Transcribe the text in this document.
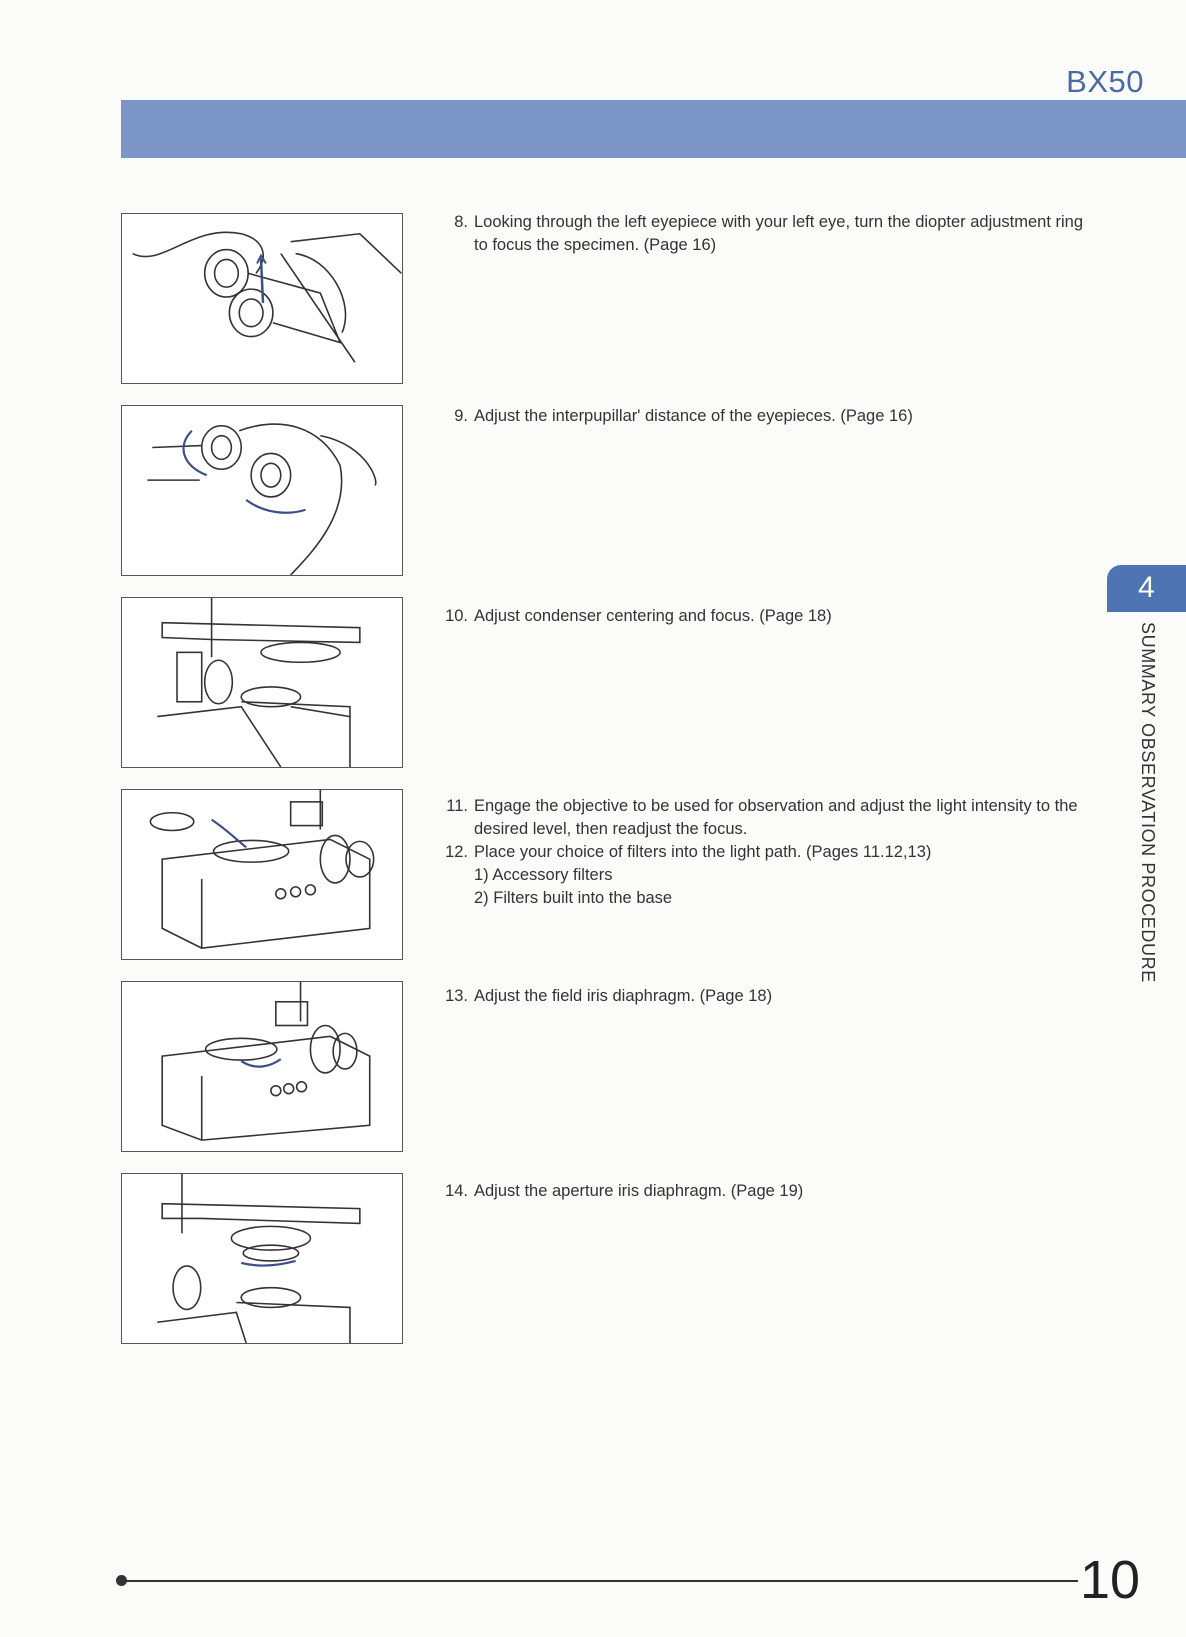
BX50
8. Looking through the left eyepiece with your left eye, turn the diopter adjustment ring to focus the specimen. (Page 16)
9. Adjust the interpupillar' distance of the eyepieces. (Page 16)
10. Adjust condenser centering and focus. (Page 18)
11. Engage the objective to be used for observation and adjust the light intensity to the desired level, then readjust the focus.
12. Place your choice of filters into the light path. (Pages 11.12,13)
1) Accessory filters
2) Filters built into the base
13. Adjust the field iris diaphragm. (Page 18)
14. Adjust the aperture iris diaphragm. (Page 19)
4
SUMMARY OBSERVATION PROCEDURE
10
